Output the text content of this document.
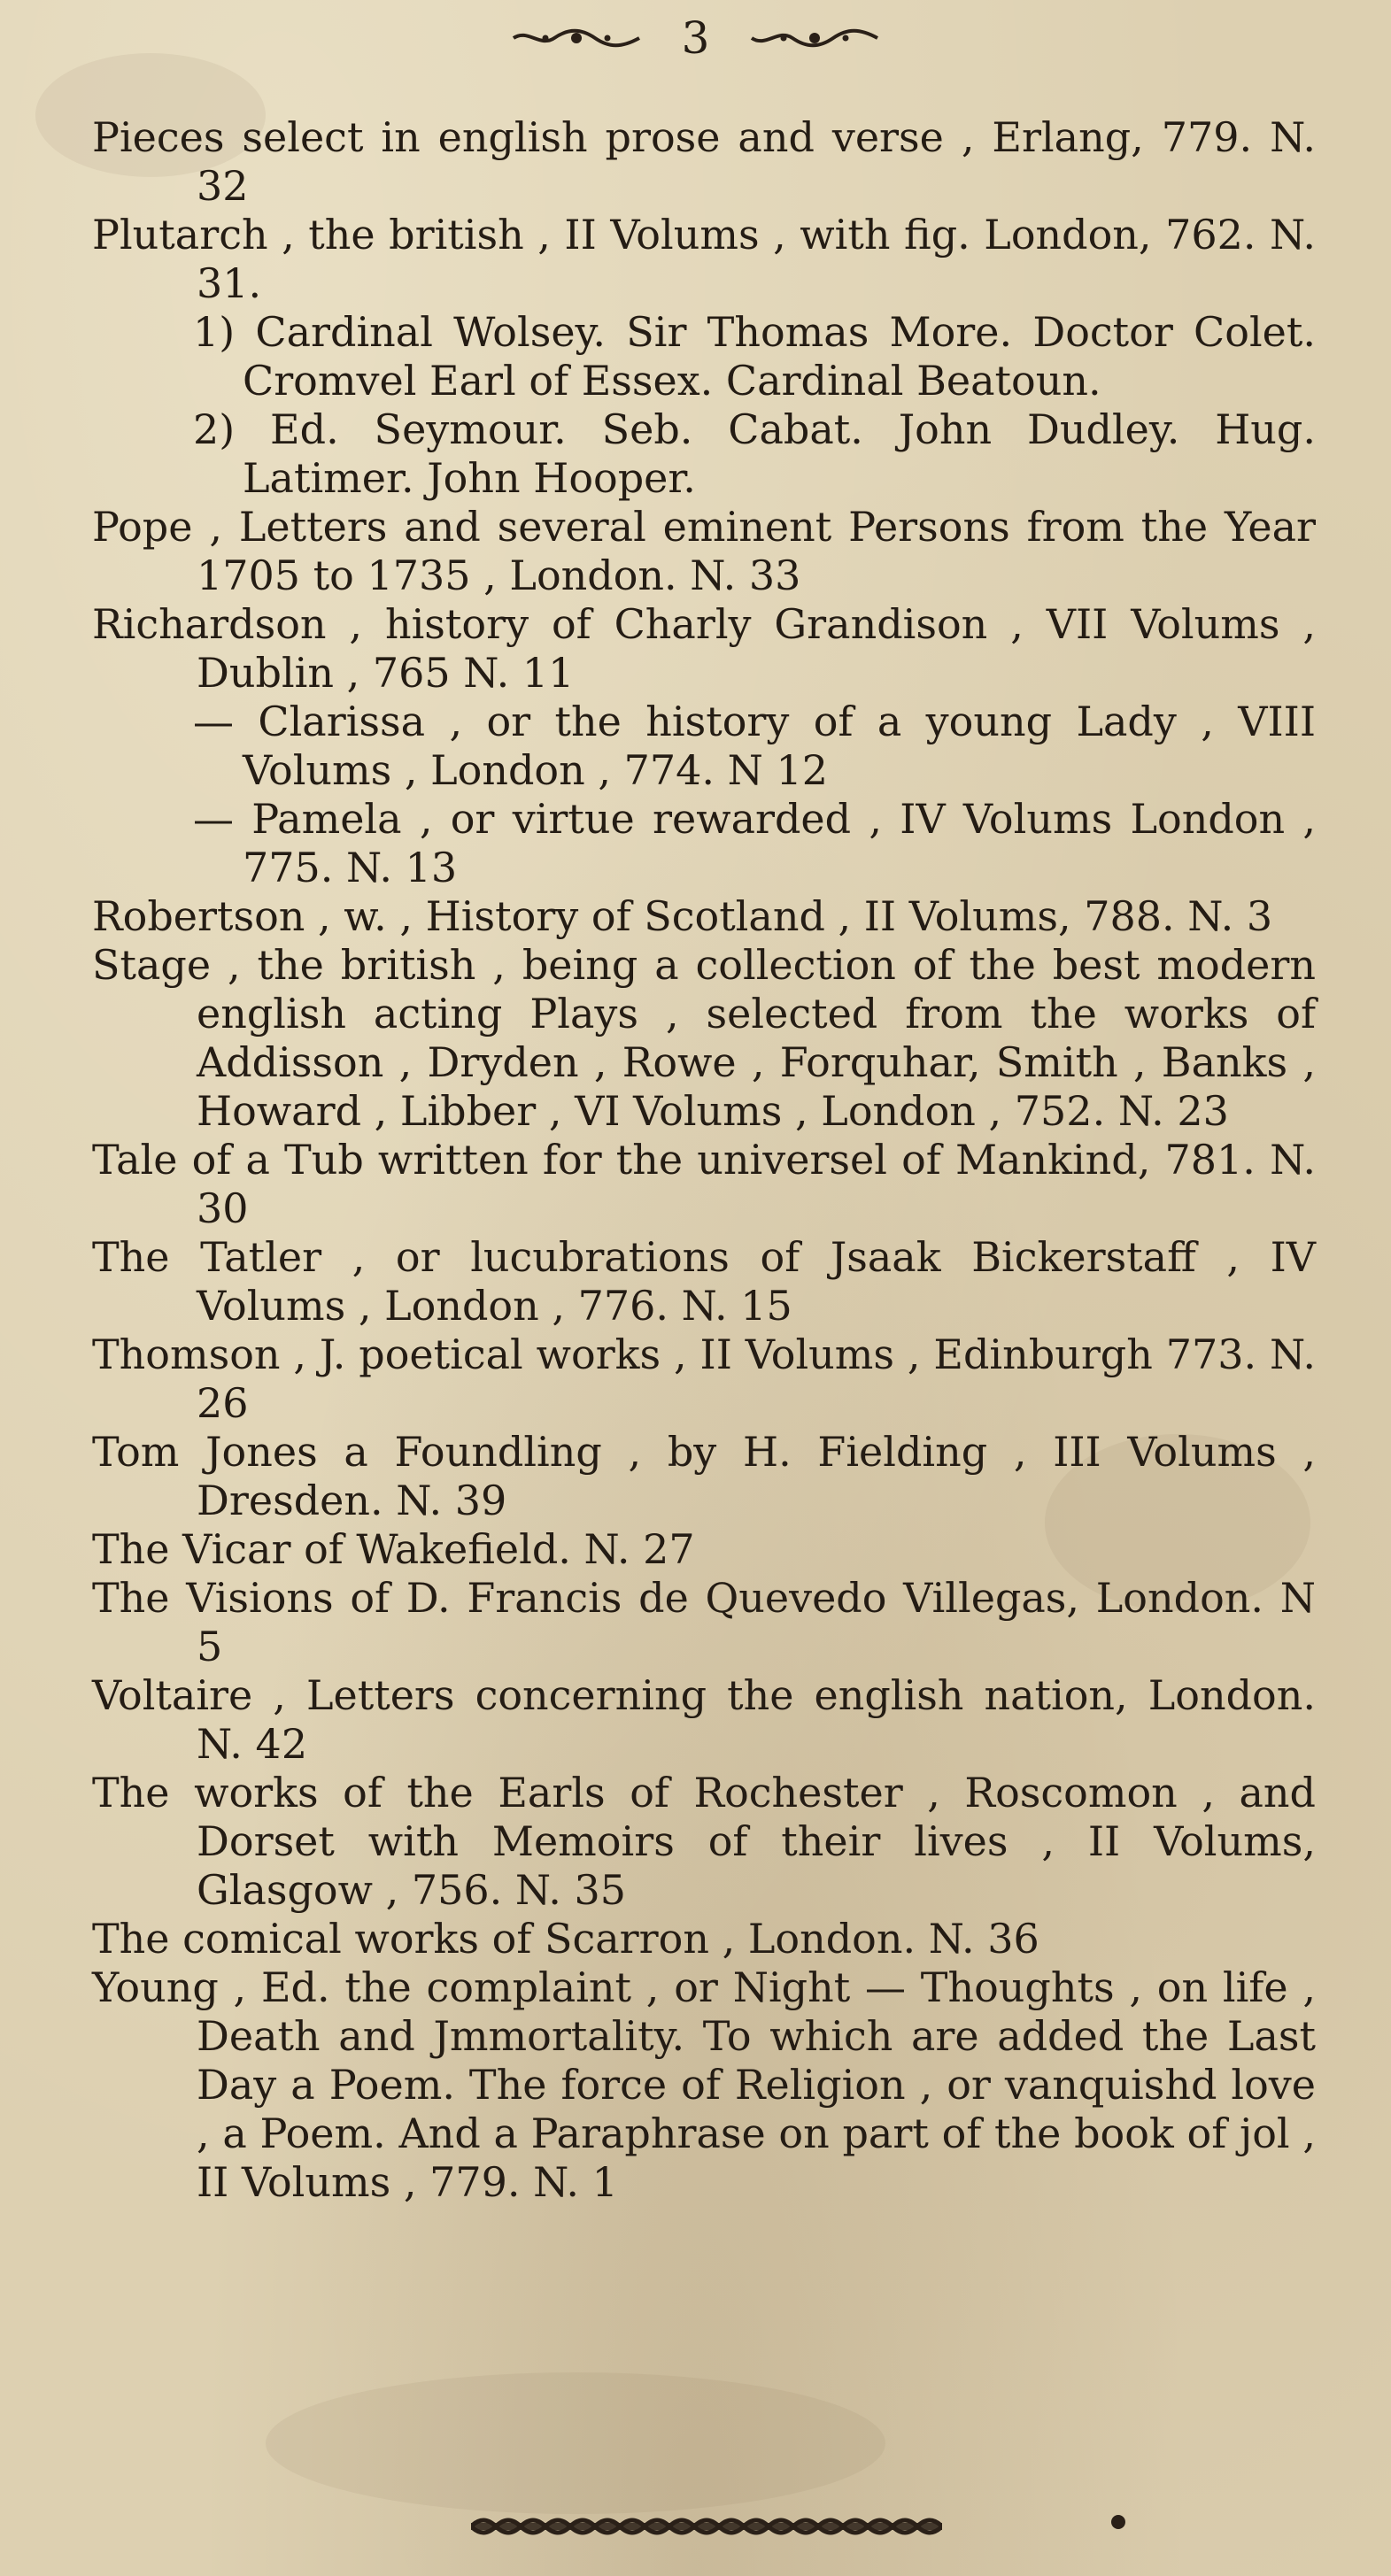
3
Pieces select in english prose and verse , Erlang, 779. N. 32
Plutarch , the british , II Volums , with fig. London, 762. N. 31.
1) Cardinal Wolsey. Sir Thomas More. Doctor Colet. Cromvel Earl of Essex. Cardinal Beatoun.
2) Ed. Seymour. Seb. Cabat. John Dudley. Hug. Latimer. John Hooper.
Pope , Letters and several eminent Persons from the Year 1705 to 1735 , London. N. 33
Richardson , history of Charly Grandison , VII Volums , Dublin , 765 N. 11
— Clarissa , or the history of a young Lady , VIII Volums , London , 774. N 12
— Pamela , or virtue rewarded , IV Volums London , 775. N. 13
Robertson , w. , History of Scotland , II Volums, 788. N. 3
Stage , the british , being a collection of the best modern english acting Plays , selected from the works of Addisson , Dryden , Rowe , Forquhar, Smith , Banks , Howard , Libber , VI Volums , London , 752. N. 23
Tale of a Tub written for the universel of Mankind, 781. N. 30
The Tatler , or lucubrations of Jsaak Bickerstaff , IV Volums , London , 776. N. 15
Thomson , J. poetical works , II Volums , Edinburgh 773. N. 26
Tom Jones a Foundling , by H. Fielding , III Volums , Dresden. N. 39
The Vicar of Wakefield. N. 27
The Visions of D. Francis de Quevedo Villegas, London. N 5
Voltaire , Letters concerning the english nation, London. N. 42
The works of the Earls of Rochester , Roscomon , and Dorset with Memoirs of their lives , II Volums, Glasgow , 756. N. 35
The comical works of Scarron , London. N. 36
Young , Ed. the complaint , or Night — Thoughts , on life , Death and Jmmortality. To which are added the Last Day a Poem. The force of Religion , or vanquishd love , a Poem. And a Paraphrase on part of the book of jol , II Volums , 779. N. 1
